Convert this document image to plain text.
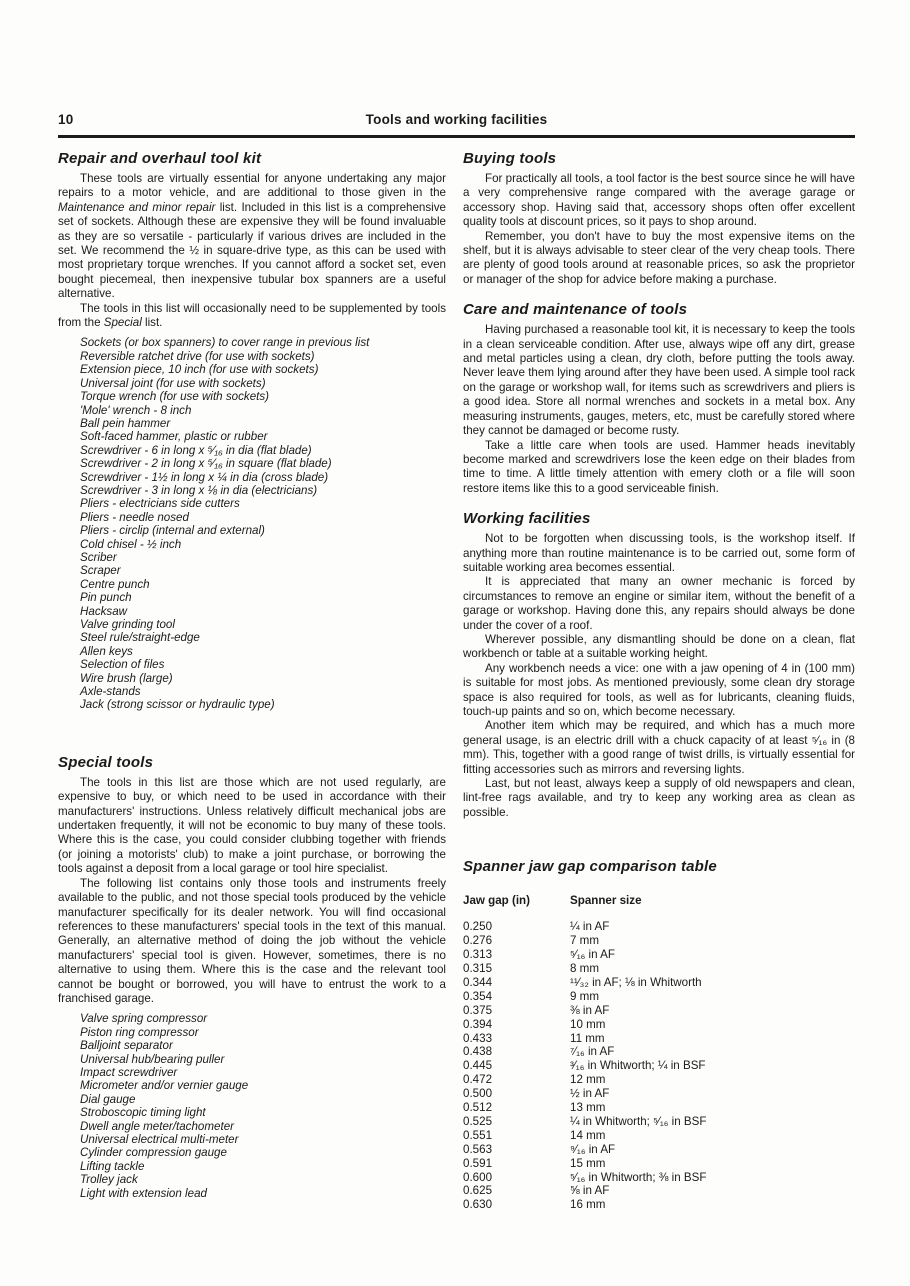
10	Tools and working facilities
Repair and overhaul tool kit

These tools are virtually essential for anyone undertaking any major repairs to a motor vehicle, and are additional to those given in the Maintenance and minor repair list. Included in this list is a comprehensive set of sockets. Although these are expensive they will be found invaluable as they are so versatile - particularly if various drives are included in the set. We recommend the ½ in square-drive type, as this can be used with most proprietary torque wrenches. If you cannot afford a socket set, even bought piecemeal, then inexpensive tubular box spanners are a useful alternative.

The tools in this list will occasionally need to be supplemented by tools from the Special list.

Sockets (or box spanners) to cover range in previous list
Reversible ratchet drive (for use with sockets)
Extension piece, 10 inch (for use with sockets)
Universal joint (for use with sockets)
Torque wrench (for use with sockets)
'Mole' wrench - 8 inch
Ball pein hammer
Soft-faced hammer, plastic or rubber
Screwdriver - 6 in long x ⁵⁄₁₆ in dia (flat blade)
Screwdriver - 2 in long x ⁵⁄₁₆ in square (flat blade)
Screwdriver - 1½ in long x ¼ in dia (cross blade)
Screwdriver - 3 in long x ⅛ in dia (electricians)
Pliers - electricians side cutters
Pliers - needle nosed
Pliers - circlip (internal and external)
Cold chisel - ½ inch
Scriber
Scraper
Centre punch
Pin punch
Hacksaw
Valve grinding tool
Steel rule/straight-edge
Allen keys
Selection of files
Wire brush (large)
Axle-stands
Jack (strong scissor or hydraulic type)
Special tools

The tools in this list are those which are not used regularly, are expensive to buy, or which need to be used in accordance with their manufacturers' instructions. Unless relatively difficult mechanical jobs are undertaken frequently, it will not be economic to buy many of these tools. Where this is the case, you could consider clubbing together with friends (or joining a motorists' club) to make a joint purchase, or borrowing the tools against a deposit from a local garage or tool hire specialist.

The following list contains only those tools and instruments freely available to the public, and not those special tools produced by the vehicle manufacturer specifically for its dealer network. You will find occasional references to these manufacturers' special tools in the text of this manual. Generally, an alternative method of doing the job without the vehicle manufacturers' special tool is given. However, sometimes, there is no alternative to using them. Where this is the case and the relevant tool cannot be bought or borrowed, you will have to entrust the work to a franchised garage.

Valve spring compressor
Piston ring compressor
Balljoint separator
Universal hub/bearing puller
Impact screwdriver
Micrometer and/or vernier gauge
Dial gauge
Stroboscopic timing light
Dwell angle meter/tachometer
Universal electrical multi-meter
Cylinder compression gauge
Lifting tackle
Trolley jack
Light with extension lead
Buying tools

For practically all tools, a tool factor is the best source since he will have a very comprehensive range compared with the average garage or accessory shop. Having said that, accessory shops often offer excellent quality tools at discount prices, so it pays to shop around.

Remember, you don't have to buy the most expensive items on the shelf, but it is always advisable to steer clear of the very cheap tools. There are plenty of good tools around at reasonable prices, so ask the proprietor or manager of the shop for advice before making a purchase.

Care and maintenance of tools

Having purchased a reasonable tool kit, it is necessary to keep the tools in a clean serviceable condition. After use, always wipe off any dirt, grease and metal particles using a clean, dry cloth, before putting the tools away. Never leave them lying around after they have been used. A simple tool rack on the garage or workshop wall, for items such as screwdrivers and pliers is a good idea. Store all normal wrenches and sockets in a metal box. Any measuring instruments, gauges, meters, etc, must be carefully stored where they cannot be damaged or become rusty.

Take a little care when tools are used. Hammer heads inevitably become marked and screwdrivers lose the keen edge on their blades from time to time. A little timely attention with emery cloth or a file will soon restore items like this to a good serviceable finish.

Working facilities

Not to be forgotten when discussing tools, is the workshop itself. If anything more than routine maintenance is to be carried out, some form of suitable working area becomes essential.

It is appreciated that many an owner mechanic is forced by circumstances to remove an engine or similar item, without the benefit of a garage or workshop. Having done this, any repairs should always be done under the cover of a roof.

Wherever possible, any dismantling should be done on a clean, flat workbench or table at a suitable working height.

Any workbench needs a vice: one with a jaw opening of 4 in (100 mm) is suitable for most jobs. As mentioned previously, some clean dry storage space is also required for tools, as well as for lubricants, cleaning fluids, touch-up paints and so on, which become necessary.

Another item which may be required, and which has a much more general usage, is an electric drill with a chuck capacity of at least ⁵⁄₁₆ in (8 mm). This, together with a good range of twist drills, is virtually essential for fitting accessories such as mirrors and reversing lights.

Last, but not least, always keep a supply of old newspapers and clean, lint-free rags available, and try to keep any working area as clean as possible.

Spanner jaw gap comparison table
Jaw gap (in)	Spanner size
0.250	¼ in AF
0.276	7 mm
0.313	⁵⁄₁₆ in AF
0.315	8 mm
0.344	¹¹⁄₃₂ in AF; ⅛ in Whitworth
0.354	9 mm
0.375	⅜ in AF
0.394	10 mm
0.433	11 mm
0.438	⁷⁄₁₆ in AF
0.445	³⁄₁₆ in Whitworth; ¼ in BSF
0.472	12 mm
0.500	½ in AF
0.512	13 mm
0.525	¼ in Whitworth; ⁵⁄₁₆ in BSF
0.551	14 mm
0.563	⁹⁄₁₆ in AF
0.591	15 mm
0.600	⁵⁄₁₆ in Whitworth; ⅜ in BSF
0.625	⅝ in AF
0.630	16 mm
